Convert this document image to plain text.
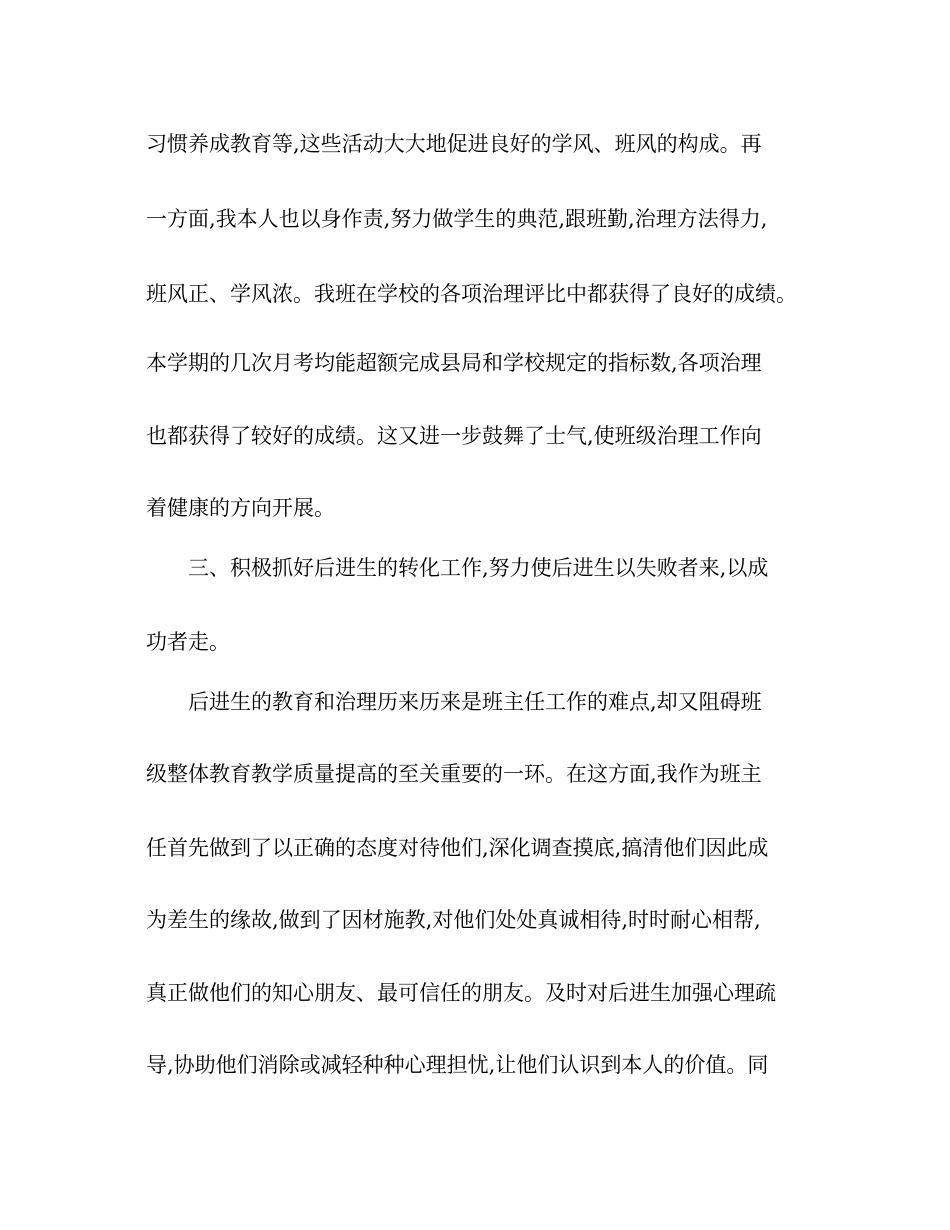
习惯养成教育等,这些活动大大地促进良好的学风、班风的构成。再
一方面,我本人也以身作责,努力做学生的典范,跟班勤,治理方法得力,
班风正、学风浓。我班在学校的各项治理评比中都获得了良好的成绩。
本学期的几次月考均能超额完成县局和学校规定的指标数,各项治理
也都获得了较好的成绩。这又进一步鼓舞了士气,使班级治理工作向
着健康的方向开展。
三、积极抓好后进生的转化工作,努力使后进生以失败者来,以成
功者走。
后进生的教育和治理历来历来是班主任工作的难点,却又阻碍班
级整体教育教学质量提高的至关重要的一环。在这方面,我作为班主
任首先做到了以正确的态度对待他们,深化调查摸底,搞清他们因此成
为差生的缘故,做到了因材施教,对他们处处真诚相待,时时耐心相帮,
真正做他们的知心朋友、最可信任的朋友。及时对后进生加强心理疏
导,协助他们消除或减轻种种心理担忧,让他们认识到本人的价值。同
